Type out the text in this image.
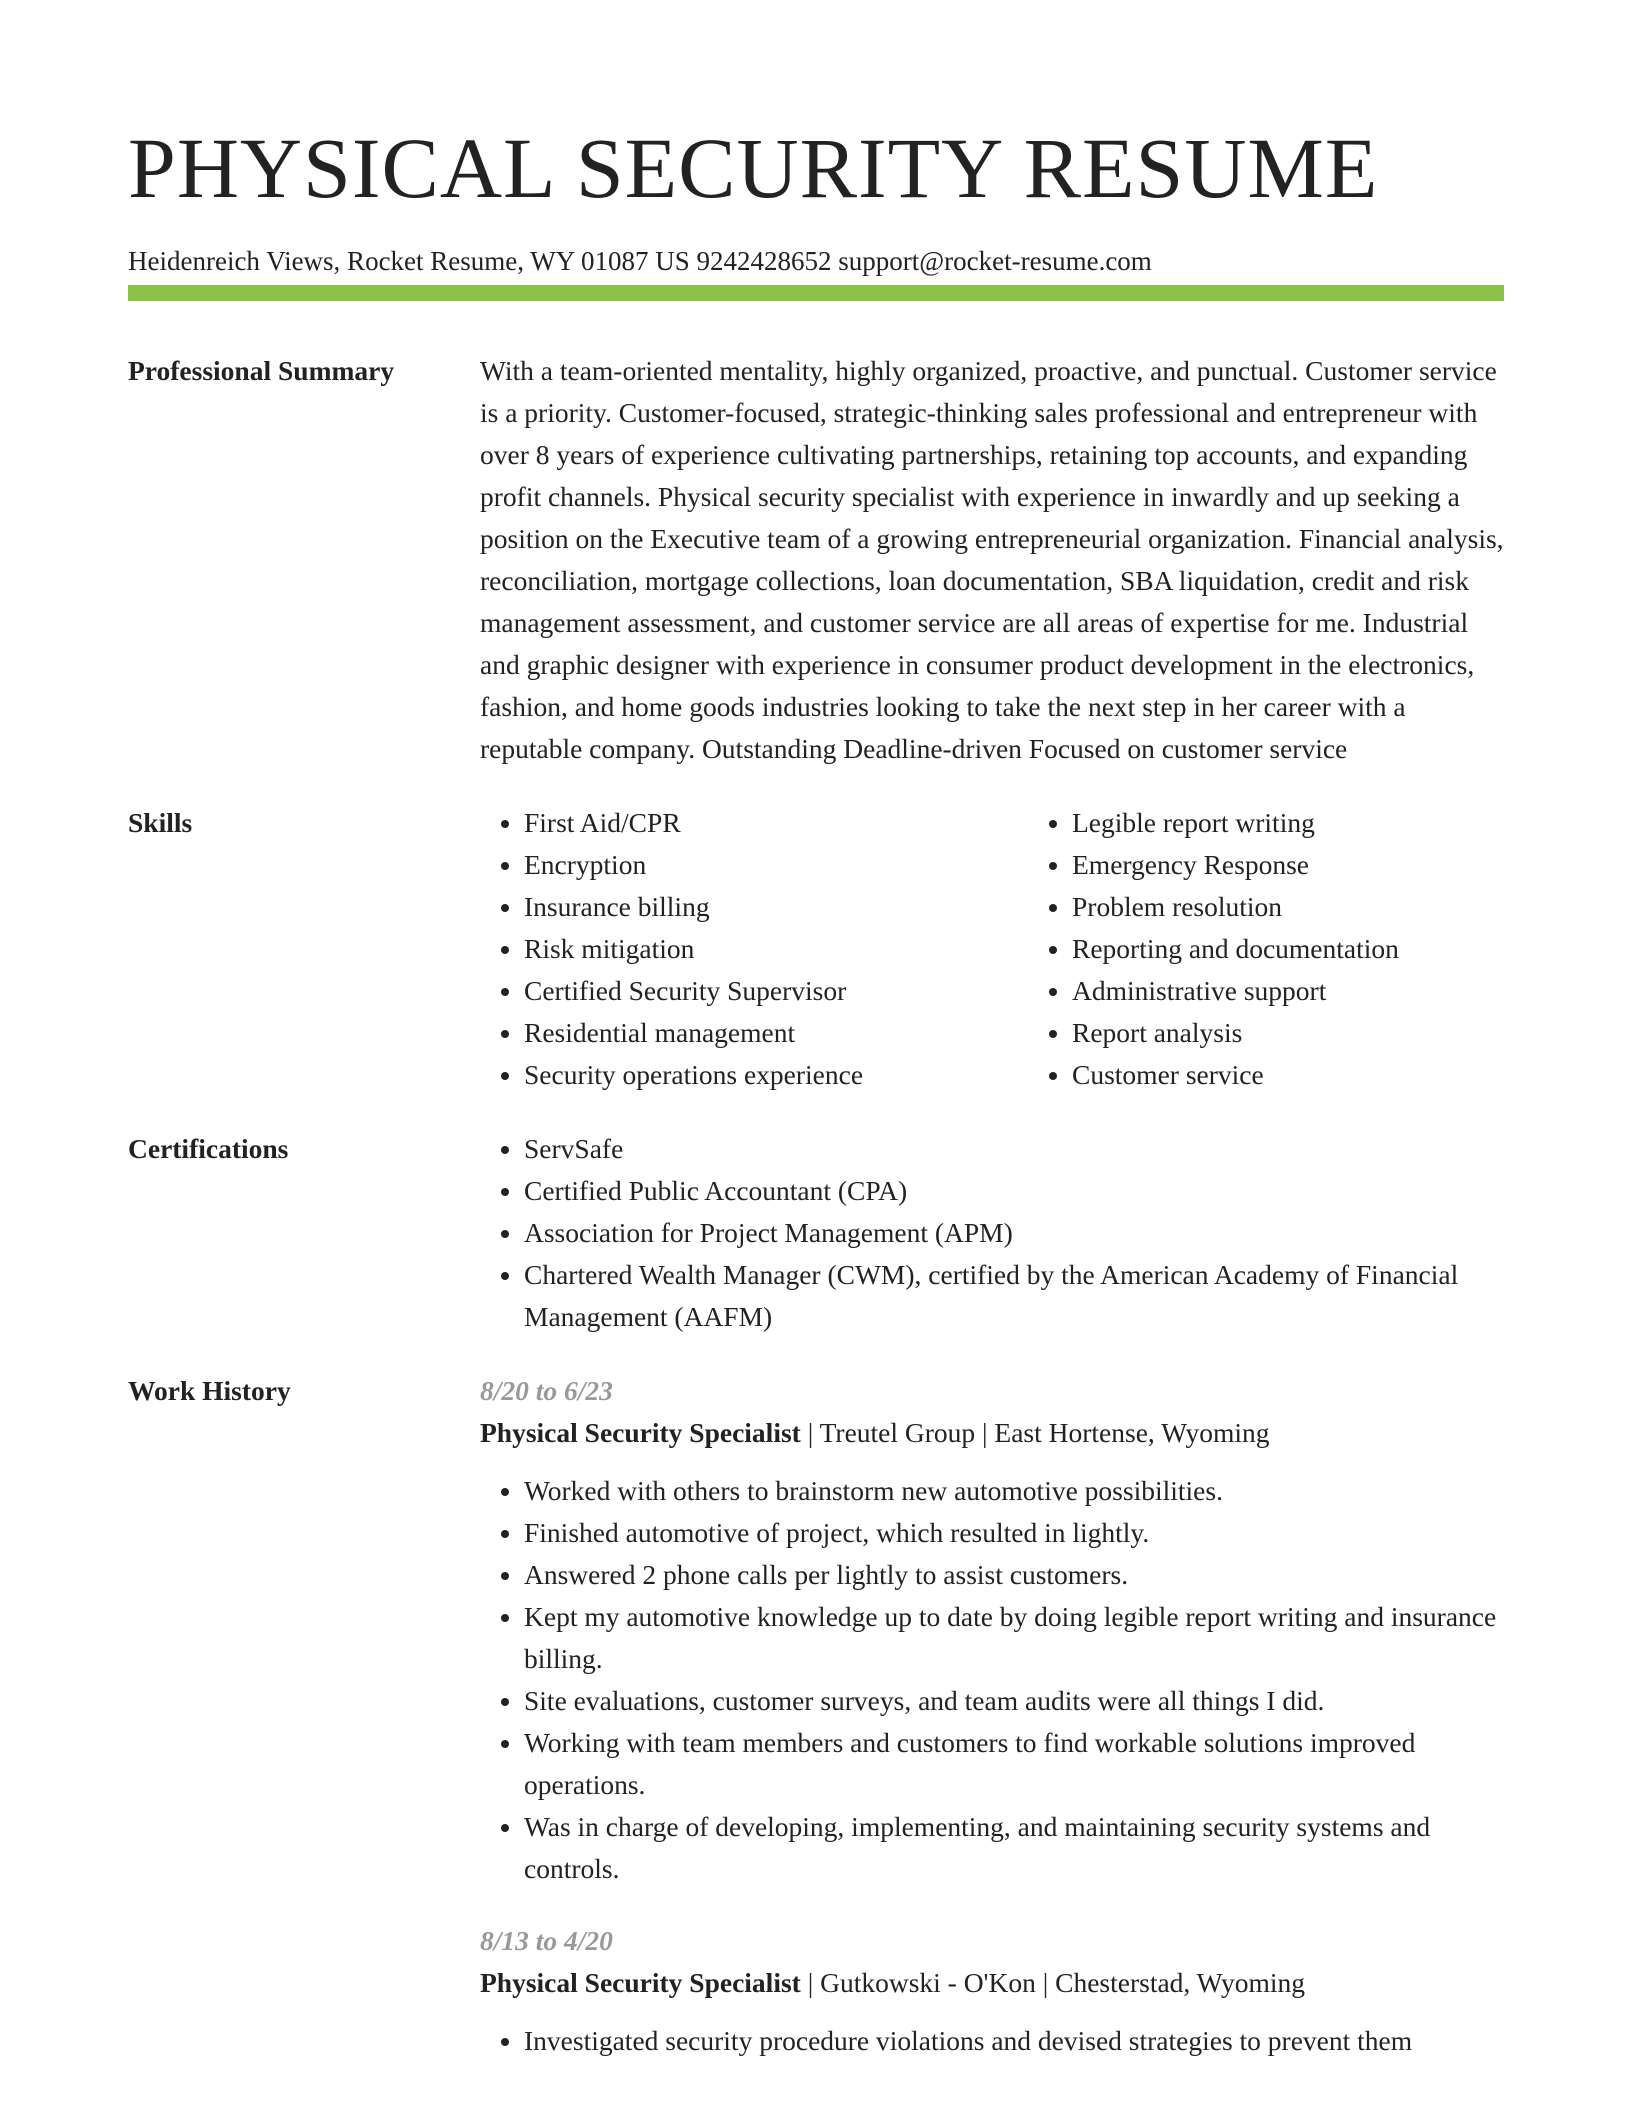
PHYSICAL SECURITY RESUME
Heidenreich Views, Rocket Resume, WY 01087 US 9242428652 support@rocket-resume.com
Professional Summary	With a team-oriented mentality, highly organized, proactive, and punctual. Customer service is a priority. Customer-focused, strategic-thinking sales professional and entrepreneur with over 8 years of experience cultivating partnerships, retaining top accounts, and expanding profit channels. Physical security specialist with experience in inwardly and up seeking a position on the Executive team of a growing entrepreneurial organization. Financial analysis, reconciliation, mortgage collections, loan documentation, SBA liquidation, credit and risk management assessment, and customer service are all areas of expertise for me. Industrial and graphic designer with experience in consumer product development in the electronics, fashion, and home goods industries looking to take the next step in her career with a reputable company. Outstanding Deadline-driven Focused on customer service
Skills	• First Aid/CPR
• Encryption
• Insurance billing
• Risk mitigation
• Certified Security Supervisor
• Residential management
• Security operations experience
• Legible report writing
• Emergency Response
• Problem resolution
• Reporting and documentation
• Administrative support
• Report analysis
• Customer service
Certifications	• ServSafe
• Certified Public Accountant (CPA)
• Association for Project Management (APM)
• Chartered Wealth Manager (CWM), certified by the American Academy of Financial Management (AAFM)
Work History	8/20 to 6/23
Physical Security Specialist | Treutel Group | East Hortense, Wyoming
• Worked with others to brainstorm new automotive possibilities.
• Finished automotive of project, which resulted in lightly.
• Answered 2 phone calls per lightly to assist customers.
• Kept my automotive knowledge up to date by doing legible report writing and insurance billing.
• Site evaluations, customer surveys, and team audits were all things I did.
• Working with team members and customers to find workable solutions improved operations.
• Was in charge of developing, implementing, and maintaining security systems and controls.
8/13 to 4/20
Physical Security Specialist | Gutkowski - O'Kon | Chesterstad, Wyoming
• Investigated security procedure violations and devised strategies to prevent them
